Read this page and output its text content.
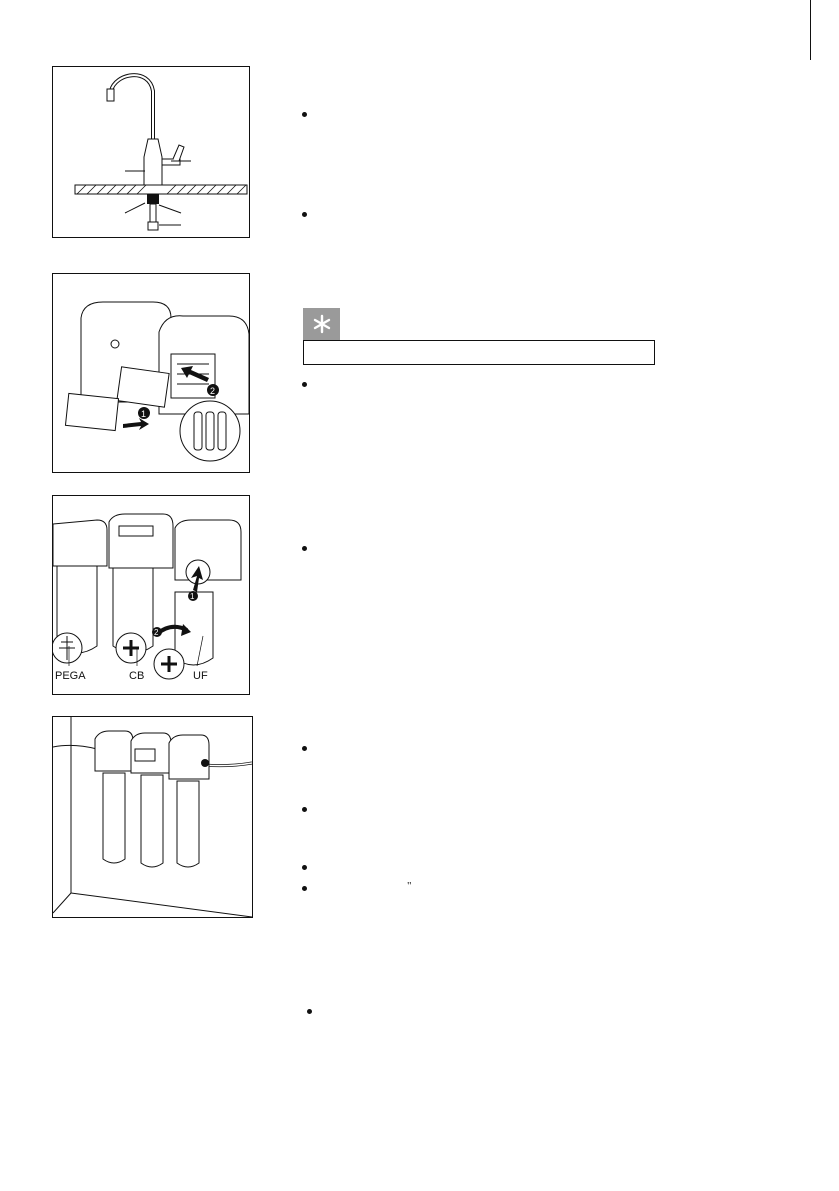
1
2
1
2
PEGA	CB	UF
"
